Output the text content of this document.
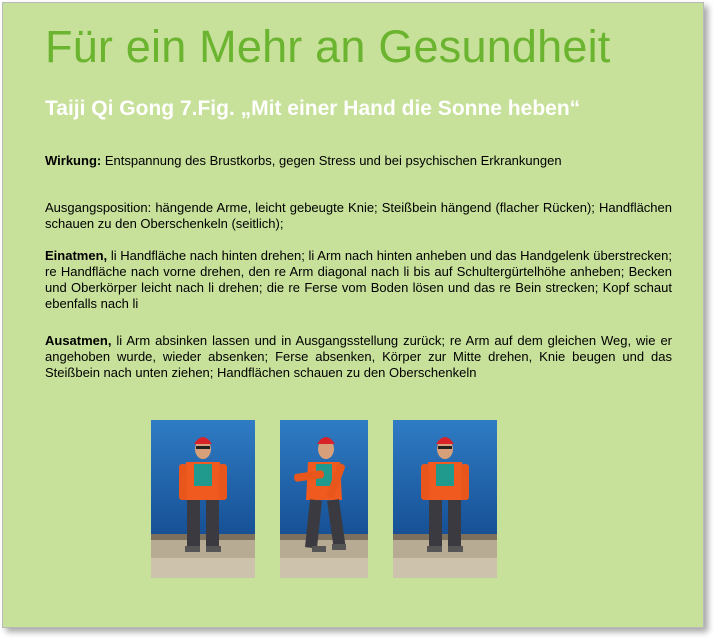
Für ein Mehr an Gesundheit
Taiji Qi Gong 7.Fig. „Mit einer Hand die Sonne heben“
Wirkung: Entspannung des Brustkorbs, gegen Stress und bei psychischen Erkrankungen
Ausgangsposition: hängende Arme, leicht gebeugte Knie; Steißbein hängend (flacher Rücken); Handflächen schauen zu den Oberschenkeln (seitlich);
Einatmen, li Handfläche nach hinten drehen; li Arm nach hinten anheben und das Handgelenk überstrecken; re Handfläche nach vorne drehen, den re Arm diagonal nach li bis auf Schultergürtelhöhe anheben; Becken und Oberkörper leicht nach li drehen; die re Ferse vom Boden lösen und das re Bein strecken; Kopf schaut ebenfalls nach li
Ausatmen, li Arm absinken lassen und in Ausgangsstellung zurück; re Arm auf dem gleichen Weg, wie er angehoben wurde, wieder absenken; Ferse absenken, Körper zur Mitte drehen, Knie beugen und das Steißbein nach unten ziehen; Handflächen schauen zu den Oberschenkeln
